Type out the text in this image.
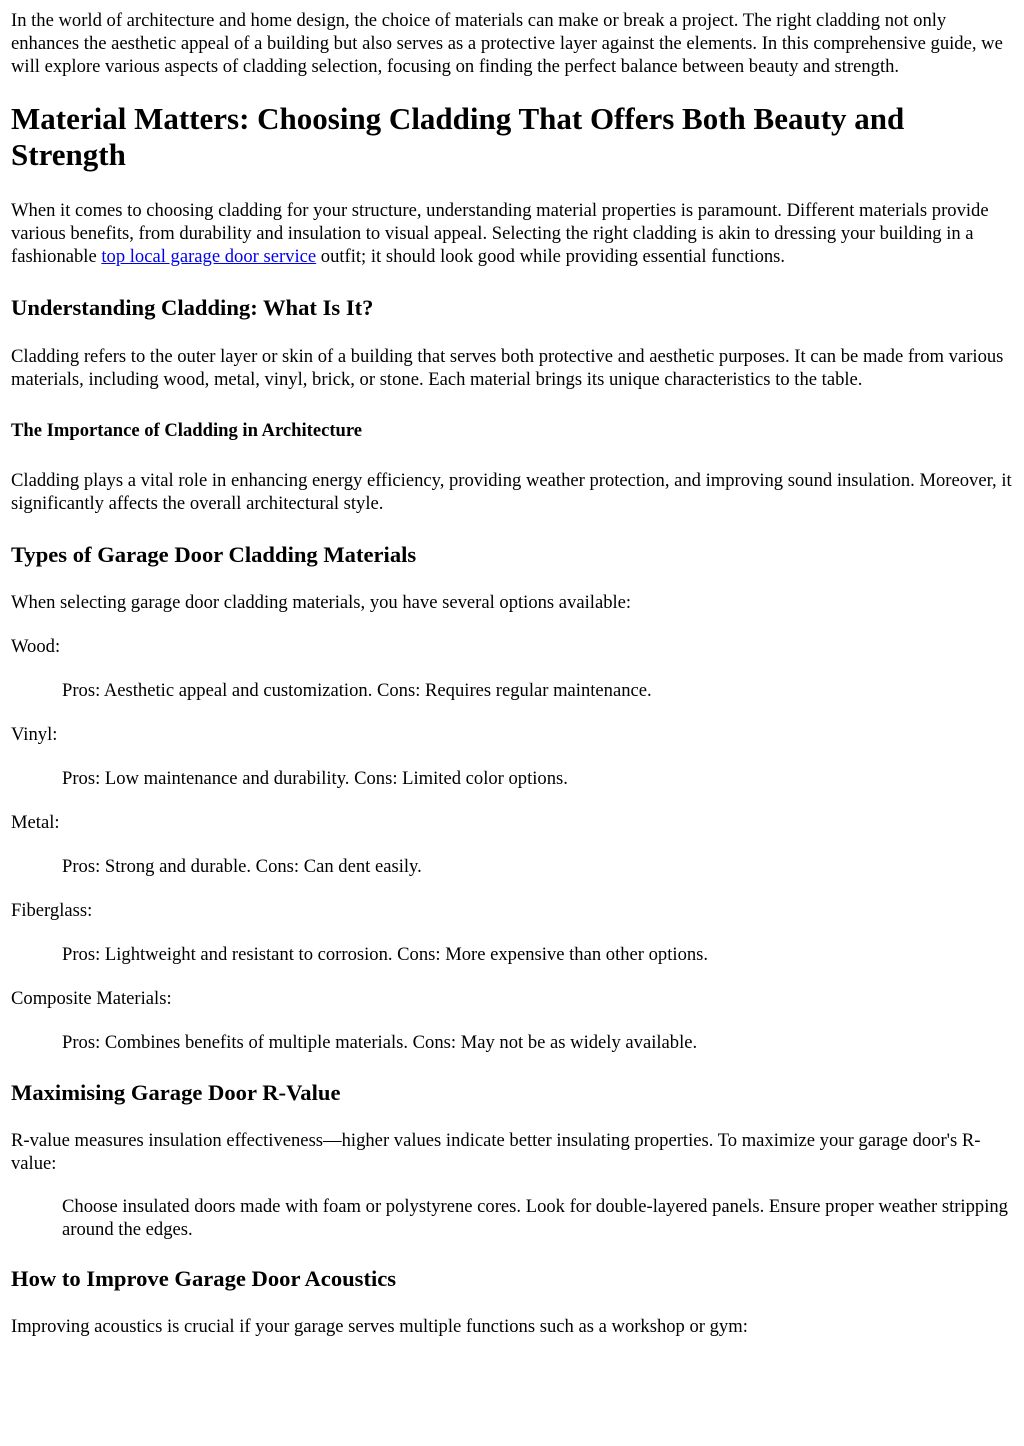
In the world of architecture and home design, the choice of materials can make or break a project. The right cladding not only enhances the aesthetic appeal of a building but also serves as a protective layer against the elements. In this comprehensive guide, we will explore various aspects of cladding selection, focusing on finding the perfect balance between beauty and strength.

Material Matters: Choosing Cladding That Offers Both Beauty and Strength

When it comes to choosing cladding for your structure, understanding material properties is paramount. Different materials provide various benefits, from durability and insulation to visual appeal. Selecting the right cladding is akin to dressing your building in a fashionable top local garage door service outfit; it should look good while providing essential functions.

Understanding Cladding: What Is It?

Cladding refers to the outer layer or skin of a building that serves both protective and aesthetic purposes. It can be made from various materials, including wood, metal, vinyl, brick, or stone. Each material brings its unique characteristics to the table.

The Importance of Cladding in Architecture

Cladding plays a vital role in enhancing energy efficiency, providing weather protection, and improving sound insulation. Moreover, it significantly affects the overall architectural style.

Types of Garage Door Cladding Materials

When selecting garage door cladding materials, you have several options available:

Wood:

Pros: Aesthetic appeal and customization. Cons: Requires regular maintenance.

Vinyl:

Pros: Low maintenance and durability. Cons: Limited color options.

Metal:

Pros: Strong and durable. Cons: Can dent easily.

Fiberglass:

Pros: Lightweight and resistant to corrosion. Cons: More expensive than other options.

Composite Materials:

Pros: Combines benefits of multiple materials. Cons: May not be as widely available.

Maximising Garage Door R-Value

R-value measures insulation effectiveness—higher values indicate better insulating properties. To maximize your garage door's R-value:

Choose insulated doors made with foam or polystyrene cores. Look for double-layered panels. Ensure proper weather stripping around the edges.

How to Improve Garage Door Acoustics

Improving acoustics is crucial if your garage serves multiple functions such as a workshop or gym:
